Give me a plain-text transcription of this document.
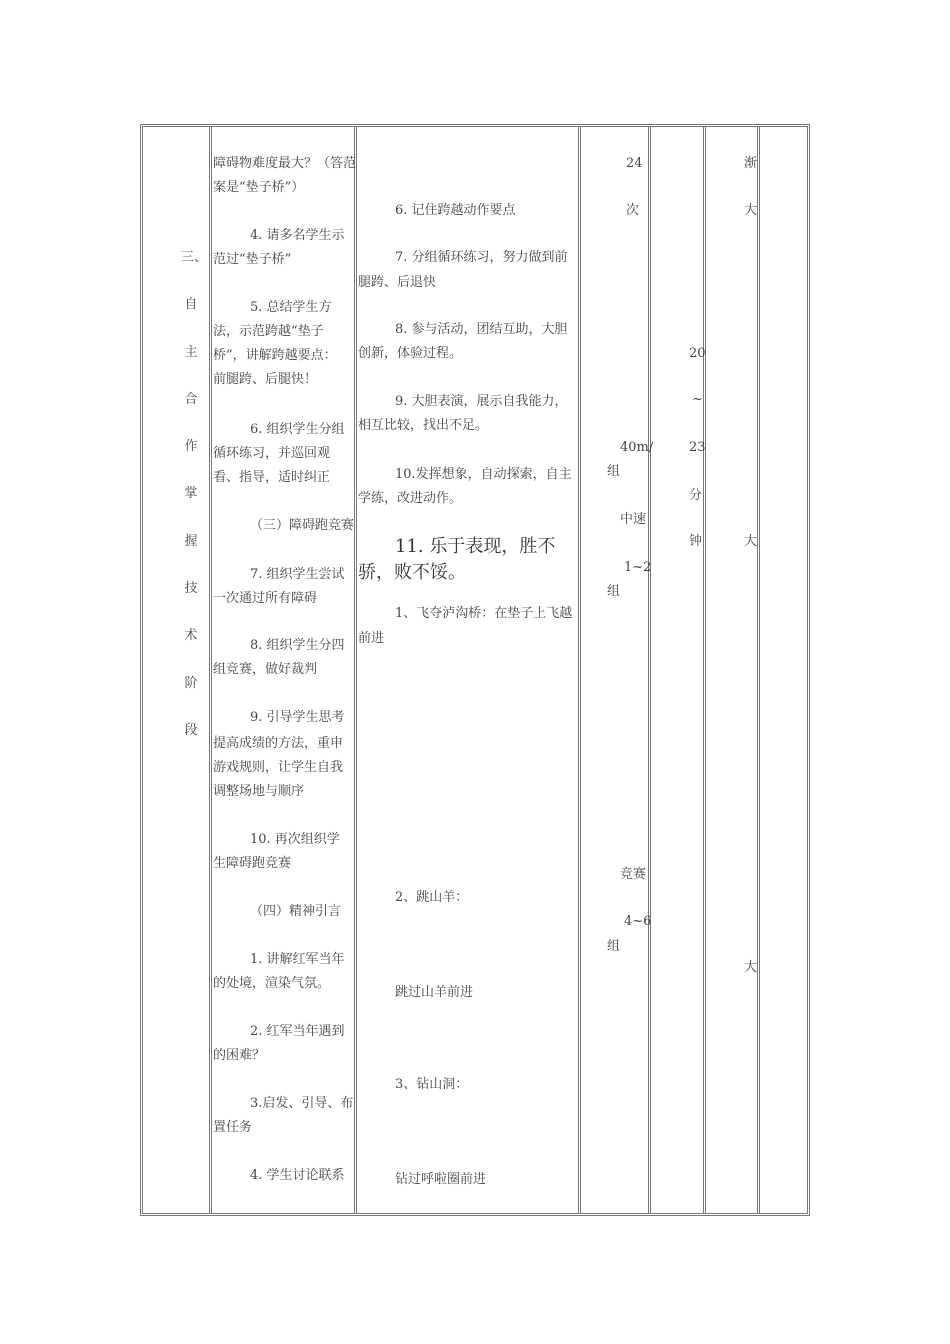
三、
自
主
合
作
掌
握
技
术
阶
段
障碍物难度最大？（答范
案是“垫子桥”）
4. 请多名学生示
范过“垫子桥”
5. 总结学生方
法，示范跨越“垫子
桥”，讲解跨越要点：
前腿跨、后腿快！
6. 组织学生分组
循环练习，并巡回观
看、指导，适时纠正
（三）障碍跑竞赛
7. 组织学生尝试
一次通过所有障碍
8. 组织学生分四
组竞赛，做好裁判
9. 引导学生思考
提高成绩的方法，重申
游戏规则，让学生自我
调整场地与顺序
10. 再次组织学
生障碍跑竞赛
（四）精神引言
1. 讲解红军当年
的处境，渲染气氛。
2. 红军当年遇到
的困难？
3.启发、引导、布
置任务
4. 学生讨论联系
6. 记住跨越动作要点
7. 分组循环练习，努力做到前
腿跨、后退快
8. 参与活动，团结互助，大胆
创新，体验过程。
9. 大胆表演，展示自我能力，
相互比较，找出不足。
10.发挥想象，自动探索，自主
学练，改进动作。
11. 乐于表现，胜不
骄，败不馁。
1、飞夺泸沟桥：在垫子上飞越
前进
2、跳山羊：
跳过山羊前进
3、钻山洞：
钻过呼啦圈前进
24
次
40m/
组
中速
1~2
组
竞赛
4~6
组
20
~
23
分
钟
渐
大
大
大
